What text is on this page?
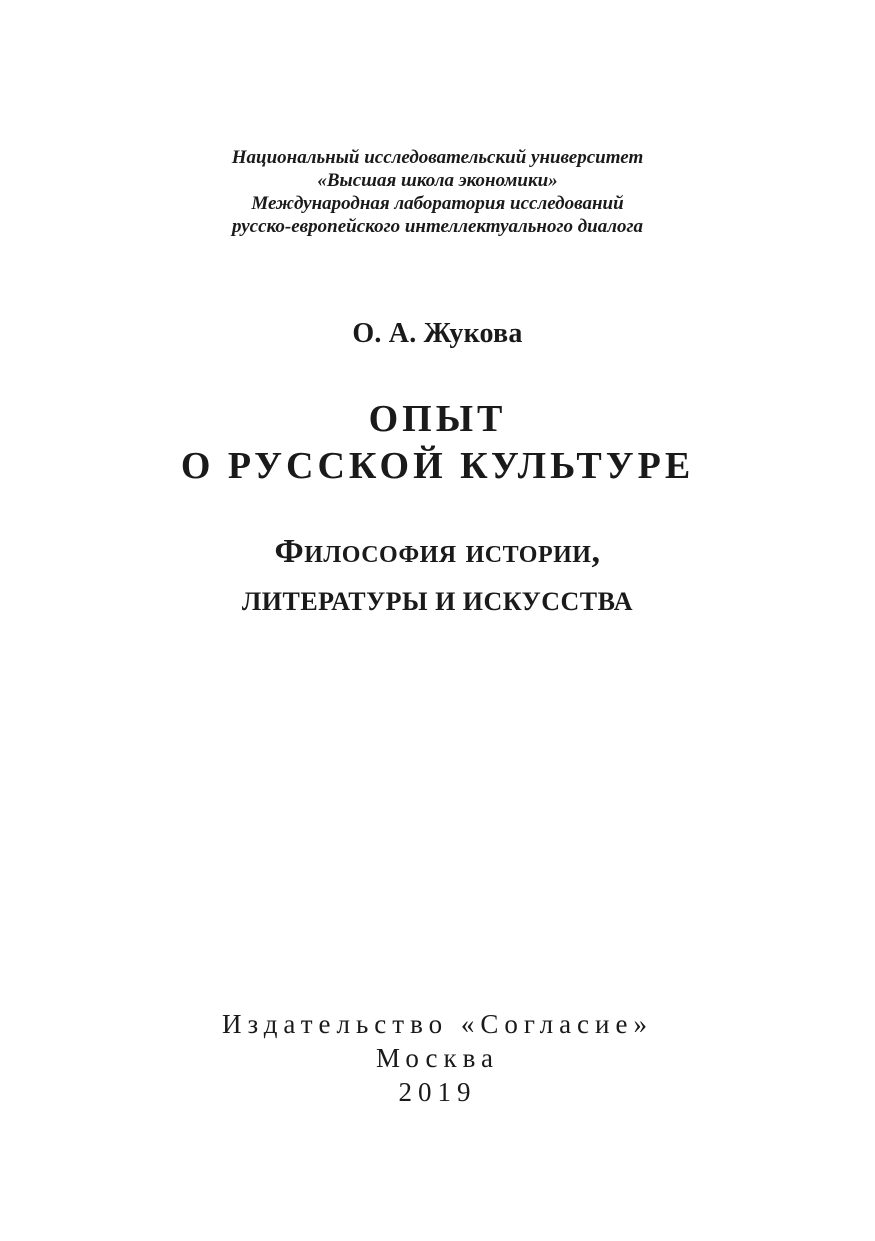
Национальный исследовательский университет
«Высшая школа экономики»
Международная лаборатория исследований
русско-европейского интеллектуального диалога
О. А. Жукова
ОПЫТ
О РУССКОЙ КУЛЬТУРЕ
Философия истории,
ЛИТЕРАТУРЫ И ИСКУССТВА
Издательство «Согласие»
Москва
2019
